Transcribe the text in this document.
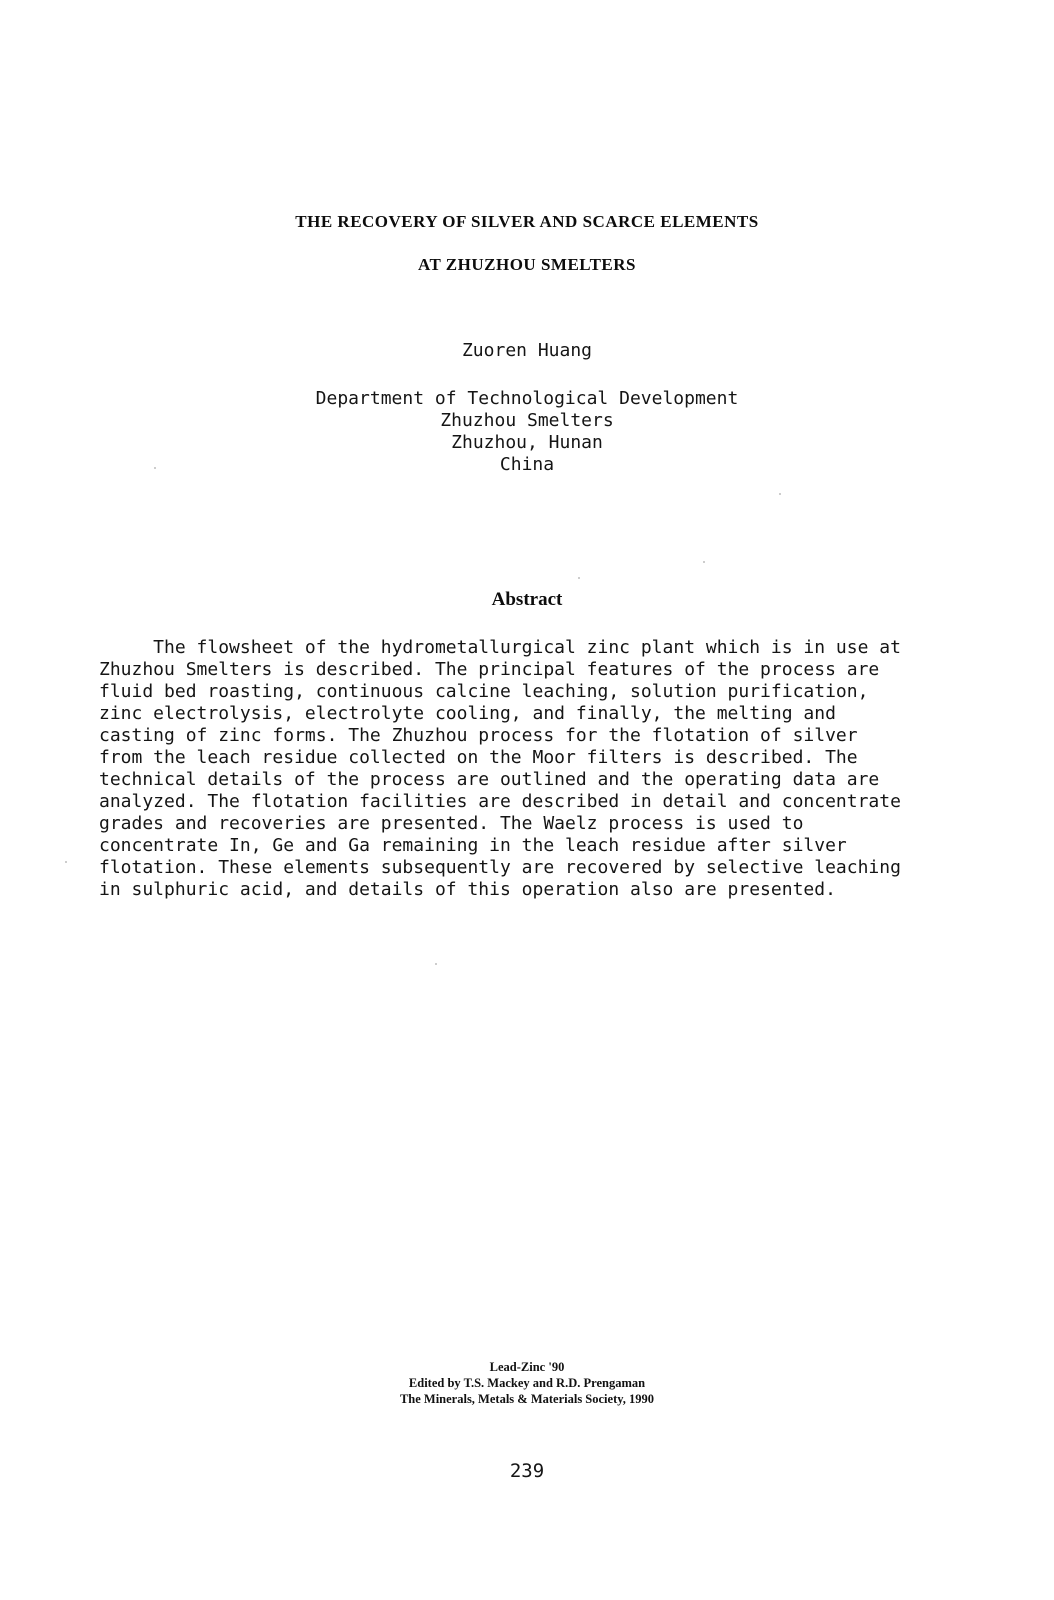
THE RECOVERY OF SILVER AND SCARCE ELEMENTS
AT ZHUZHOU SMELTERS
Zuoren Huang
Department of Technological Development
Zhuzhou Smelters
Zhuzhou, Hunan
China
Abstract
The flowsheet of the hydrometallurgical zinc plant which is in use at
Zhuzhou Smelters is described. The principal features of the process are
fluid bed roasting, continuous calcine leaching, solution purification,
zinc electrolysis, electrolyte cooling, and finally, the melting and
casting of zinc forms. The Zhuzhou process for the flotation of silver
from the leach residue collected on the Moor filters is described. The
technical details of the process are outlined and the operating data are
analyzed. The flotation facilities are described in detail and concentrate
grades and recoveries are presented. The Waelz process is used to
concentrate In, Ge and Ga remaining in the leach residue after silver
flotation. These elements subsequently are recovered by selective leaching
in sulphuric acid, and details of this operation also are presented.
Lead-Zinc '90
Edited by T.S. Mackey and R.D. Prengaman
The Minerals, Metals & Materials Society, 1990
239
